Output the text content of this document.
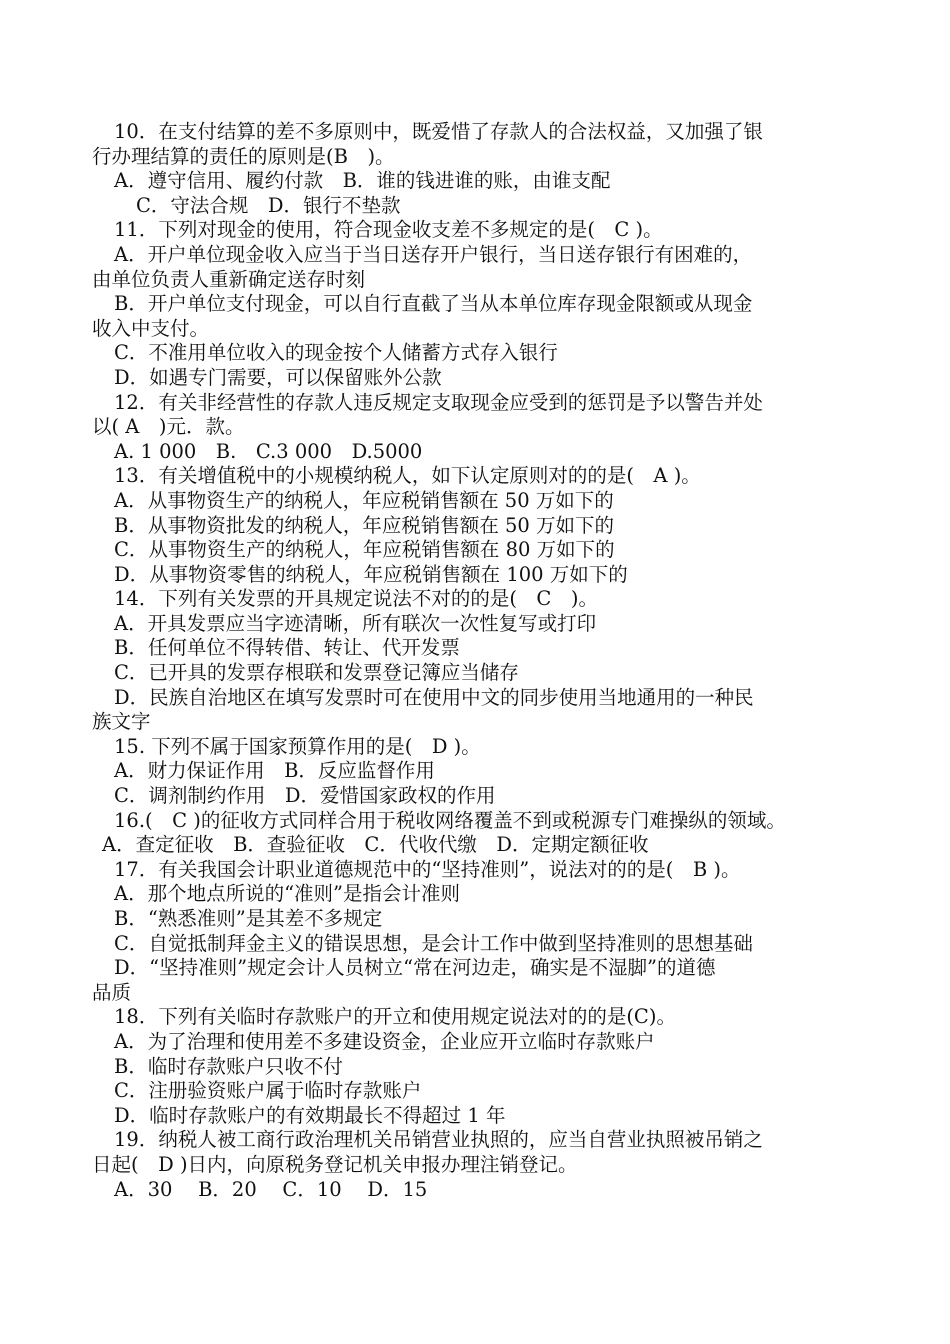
10．在支付结算的差不多原则中，既爱惜了存款人的合法权益，又加强了银
行办理结算的责任的原则是(B　)。
A．遵守信用、履约付款　B．谁的钱进谁的账，由谁支配
C．守法合规　D．银行不垫款
11．下列对现金的使用，符合现金收支差不多规定的是(　C )。
A．开户单位现金收入应当于当日送存开户银行，当日送存银行有困难的，
由单位负责人重新确定送存时刻
B．开户单位支付现金，可以自行直截了当从本单位库存现金限额或从现金
收入中支付。
C．不准用单位收入的现金按个人储蓄方式存入银行
D．如遇专门需要，可以保留账外公款
12．有关非经营性的存款人违反规定支取现金应受到的惩罚是予以警告并处
以( A　)元．款。
A. 1 000　B.　C.3 000　D.5000
13．有关增值税中的小规模纳税人，如下认定原则对的的是(　A )。
A．从事物资生产的纳税人，年应税销售额在 50 万如下的
B．从事物资批发的纳税人，年应税销售额在 50 万如下的
C．从事物资生产的纳税人，年应税销售额在 80 万如下的
D．从事物资零售的纳税人，年应税销售额在 100 万如下的
14．下列有关发票的开具规定说法不对的的是(　C　)。
A．开具发票应当字迹清晰，所有联次一次性复写或打印
B．任何单位不得转借、转让、代开发票
C．已开具的发票存根联和发票登记簿应当储存
D．民族自治地区在填写发票时可在使用中文的同步使用当地通用的一种民
族文字
15. 下列不属于国家预算作用的是(　D )。
A．财力保证作用　B．反应监督作用
C．调剂制约作用　D．爱惜国家政权的作用
16.(　C )的征收方式同样合用于税收网络覆盖不到或税源专门难操纵的领域。
A．查定征收　B．查验征收　C．代收代缴　D．定期定额征收
17．有关我国会计职业道德规范中的“坚持准则”，说法对的的是(　B )。
A．那个地点所说的“准则”是指会计准则
B．“熟悉准则”是其差不多规定
C．自觉抵制拜金主义的错误思想，是会计工作中做到坚持准则的思想基础
D．“坚持准则”规定会计人员树立“常在河边走，确实是不湿脚”的道德
品质
18．下列有关临时存款账户的开立和使用规定说法对的的是(C)。
A．为了治理和使用差不多建设资金，企业应开立临时存款账户
B．临时存款账户只收不付
C．注册验资账户属于临时存款账户
D．临时存款账户的有效期最长不得超过 1 年
19．纳税人被工商行政治理机关吊销营业执照的，应当自营业执照被吊销之
日起(　D )日内，向原税务登记机关申报办理注销登记。
A．30　 B．20　 C．10　 D．15
